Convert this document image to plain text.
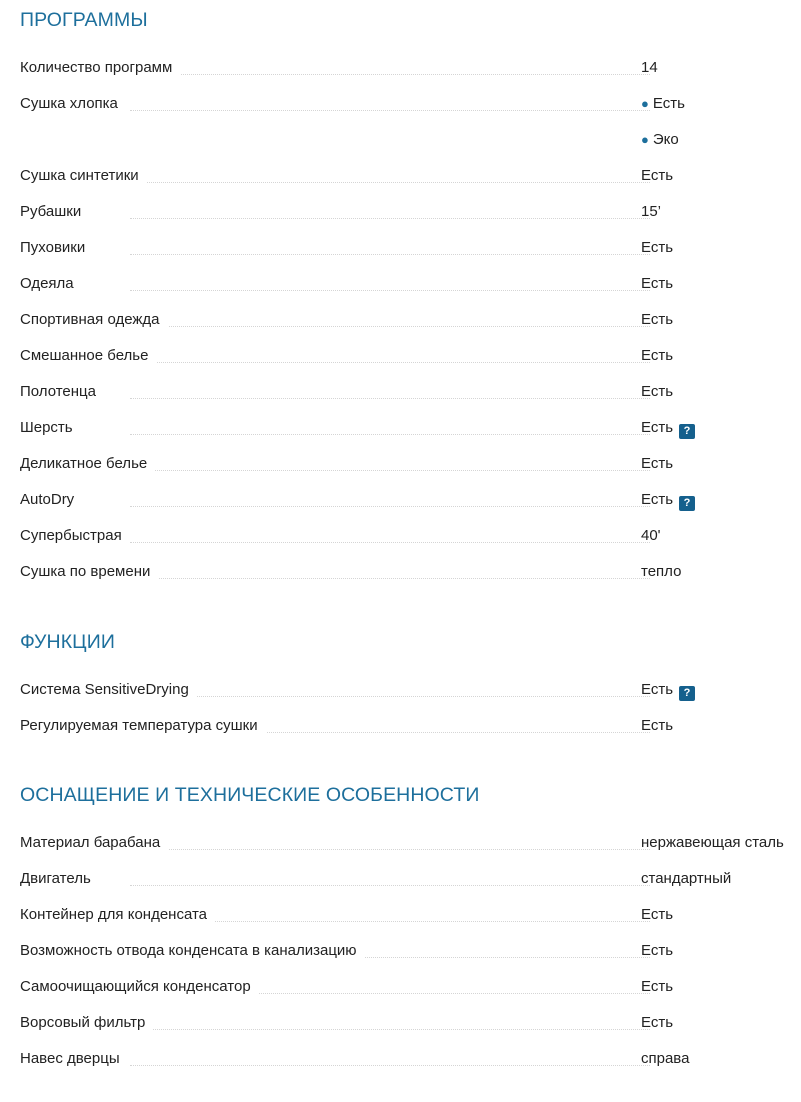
ПРОГРАММЫ
Количество программ	14
Сушка хлопка	● Есть
● Эко
Сушка синтетики	Есть
Рубашки	15’
Пуховики	Есть
Одеяла	Есть
Спортивная одежда	Есть
Смешанное белье	Есть
Полотенца	Есть
Шерсть	Есть ?
Деликатное белье	Есть
AutoDry	Есть ?
Супербыстрая	40'
Сушка по времени	тепло
ФУНКЦИИ
Система SensitiveDrying	Есть ?
Регулируемая температура сушки	Есть
ОСНАЩЕНИЕ И ТЕХНИЧЕСКИЕ ОСОБЕННОСТИ
Материал барабана	нержавеющая сталь
Двигатель	стандартный
Контейнер для конденсата	Есть
Возможность отвода конденсата в канализацию	Есть
Самоочищающийся конденсатор	Есть
Ворсовый фильтр	Есть
Навес дверцы	справа
